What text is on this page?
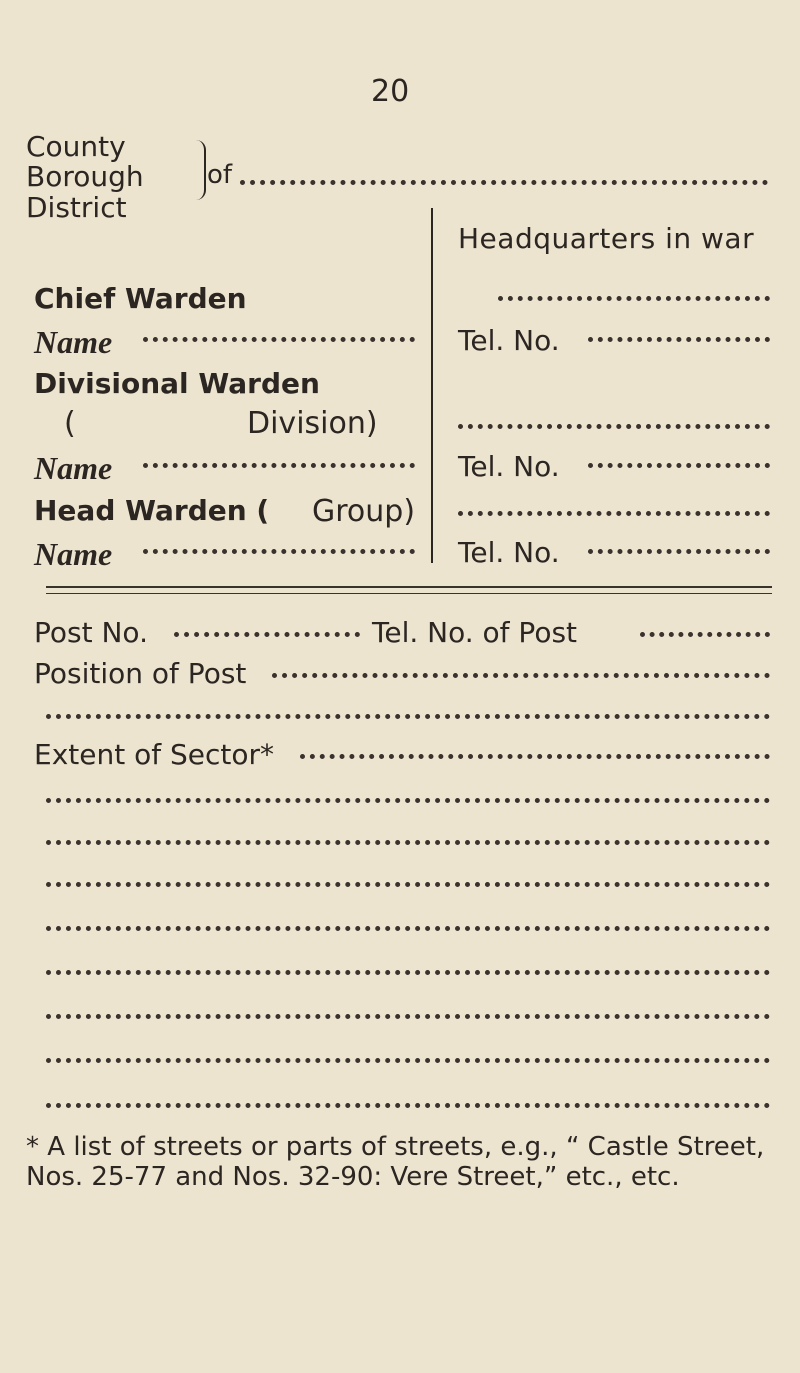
20
County
Borough
District
of
Headquarters in war
Chief Warden
Name	Tel. No.
Divisional Warden
(	Division)
Name	Tel. No.
Head Warden ( Group)
Name	Tel. No.
Post No.	Tel. No. of Post
Position of Post
Extent of Sector*
* A list of streets or parts of streets, e.g., “ Castle Street, Nos. 25-77 and Nos. 32-90: Vere Street,” etc., etc.
